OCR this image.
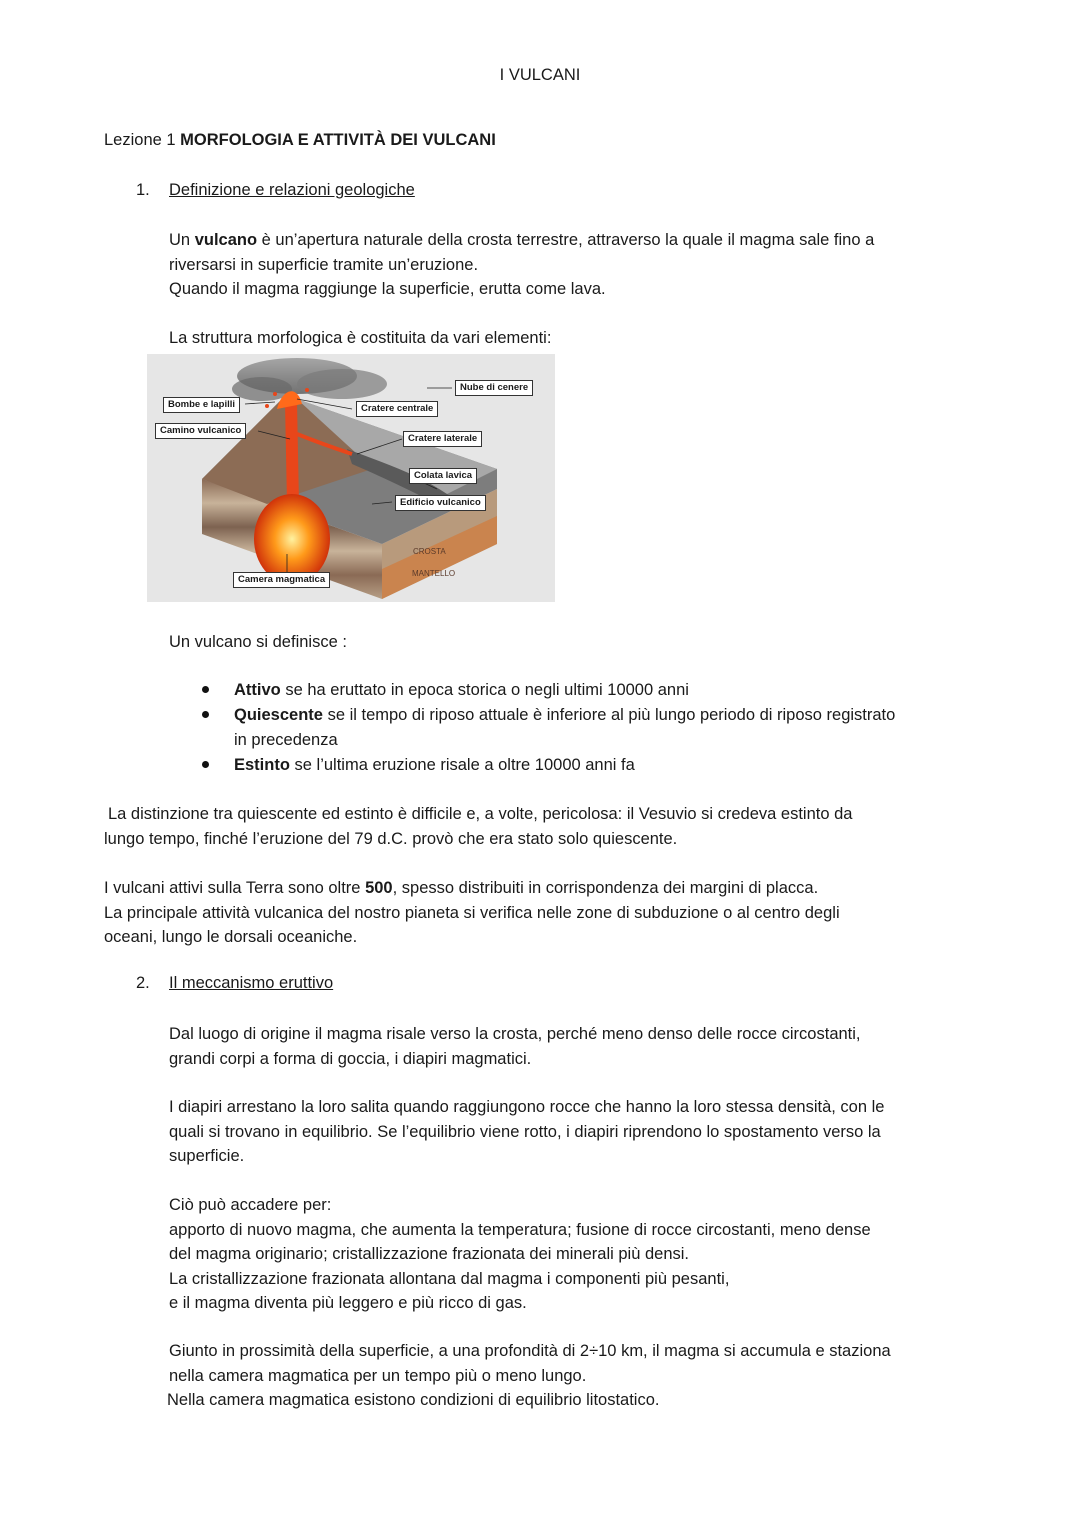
I VULCANI
Lezione 1 MORFOLOGIA E ATTIVITÀ DEI VULCANI
1. Definizione e relazioni geologiche
Un vulcano è un’apertura naturale della crosta terrestre, attraverso la quale il magma sale fino a
riversarsi in superficie tramite un’eruzione.
Quando il magma raggiunge la superficie, erutta come lava.
La struttura morfologica è costituita da vari elementi:
Nube di cenere
Bombe e lapilli	Cratere centrale
Camino vulcanico
Cratere laterale
Colata lavica
Edificio vulcanico
CROSTA
MANTELLO
Camera magmatica
Un vulcano si definisce :
Attivo se ha eruttato in epoca storica o negli ultimi 10000 anni
Quiescente se il tempo di riposo attuale è inferiore al più lungo periodo di riposo registrato
in precedenza
Estinto se l’ultima eruzione risale a oltre 10000 anni fa
La distinzione tra quiescente ed estinto è difficile e, a volte, pericolosa: il Vesuvio si credeva estinto da
lungo tempo, finché l’eruzione del 79 d.C. provò che era stato solo quiescente.
I vulcani attivi sulla Terra sono oltre 500, spesso distribuiti in corrispondenza dei margini di placca.
La principale attività vulcanica del nostro pianeta si verifica nelle zone di subduzione o al centro degli
oceani, lungo le dorsali oceaniche.
2. Il meccanismo eruttivo
Dal luogo di origine il magma risale verso la crosta, perché meno denso delle rocce circostanti,
grandi corpi a forma di goccia, i diapiri magmatici.
I diapiri arrestano la loro salita quando raggiungono rocce che hanno la loro stessa densità, con le
quali si trovano in equilibrio. Se l’equilibrio viene rotto, i diapiri riprendono lo spostamento verso la
superficie.
Ciò può accadere per:
apporto di nuovo magma, che aumenta la temperatura; fusione di rocce circostanti, meno dense
del magma originario; cristallizzazione frazionata dei minerali più densi.
La cristallizzazione frazionata allontana dal magma i componenti più pesanti,
e il magma diventa più leggero e più ricco di gas.
Giunto in prossimità della superficie, a una profondità di 2÷10 km, il magma si accumula e staziona
nella camera magmatica per un tempo più o meno lungo.
Nella camera magmatica esistono condizioni di equilibrio litostatico.
